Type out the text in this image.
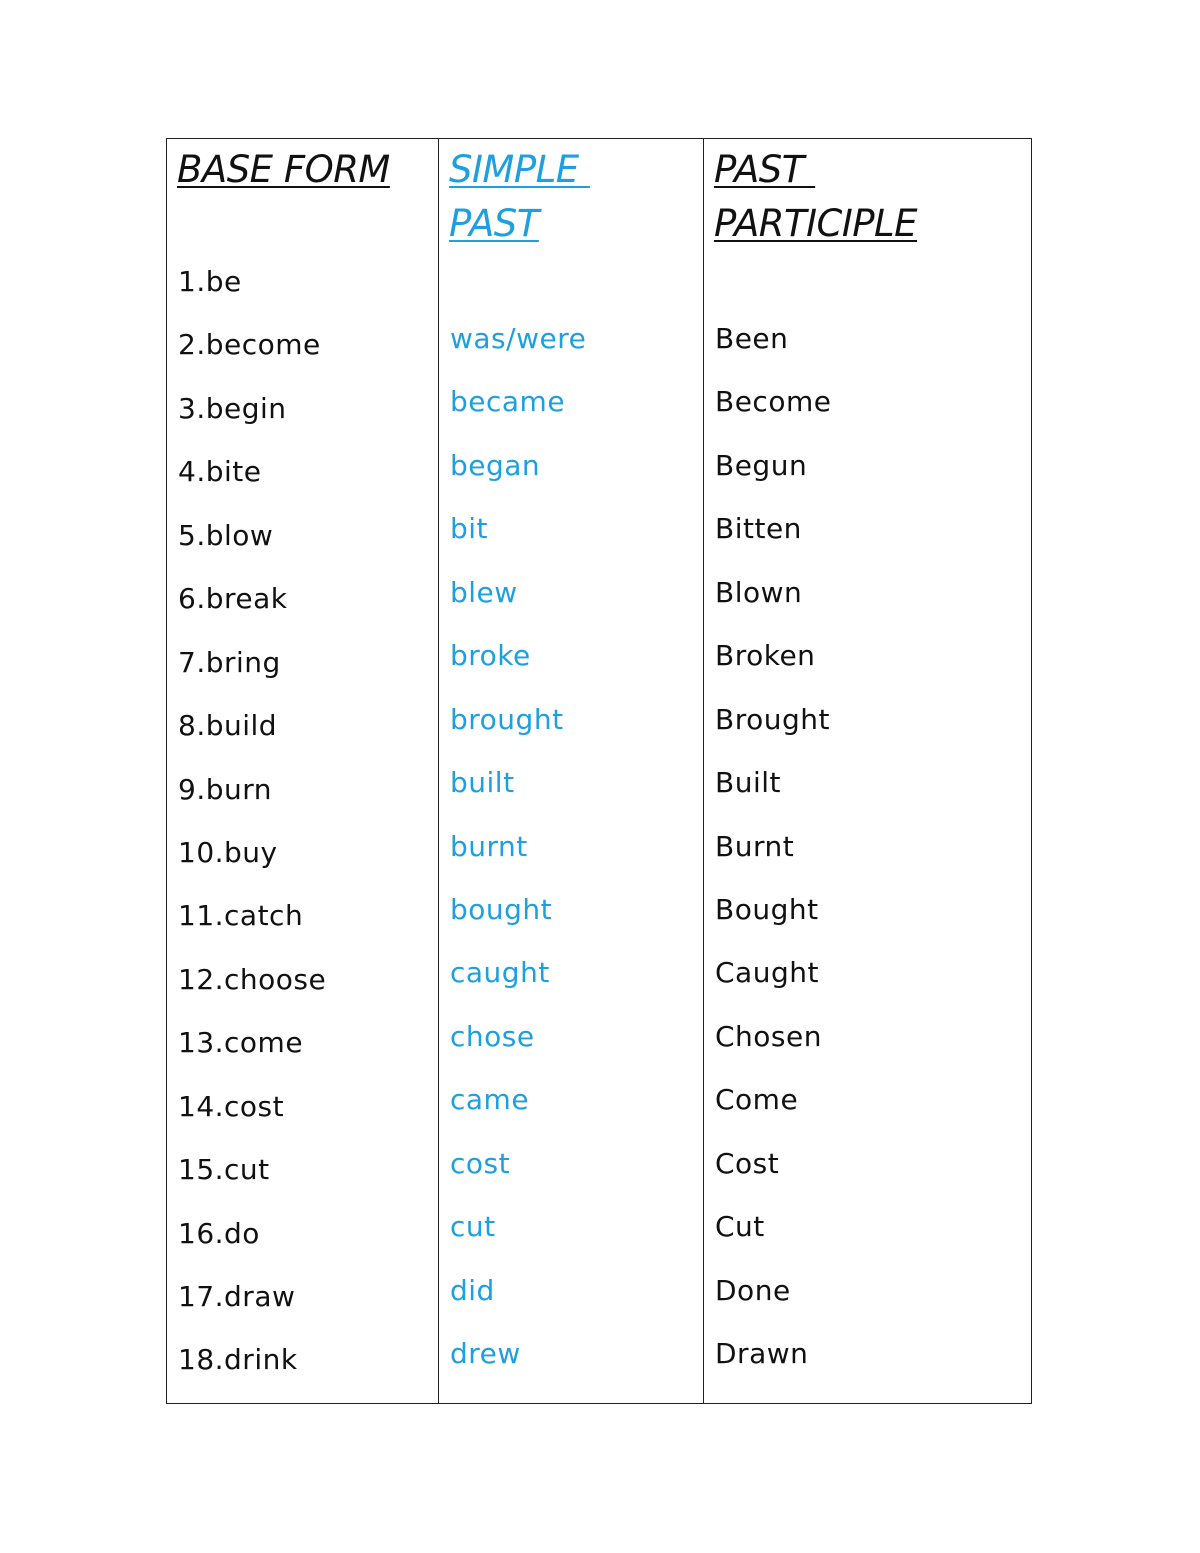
BASE FORM
1.be
2.become
3.begin
4.bite
5.blow
6.break
7.bring
8.build
9.burn
10.buy
11.catch
12.choose
13.come
14.cost
15.cut
16.do
17.draw
18.drink
SIMPLE
PAST
was/were
became
began
bit
blew
broke
brought
built
burnt
bought
caught
chose
came
cost
cut
did
drew
PAST
PARTICIPLE
Been
Become
Begun
Bitten
Blown
Broken
Brought
Built
Burnt
Bought
Caught
Chosen
Come
Cost
Cut
Done
Drawn
